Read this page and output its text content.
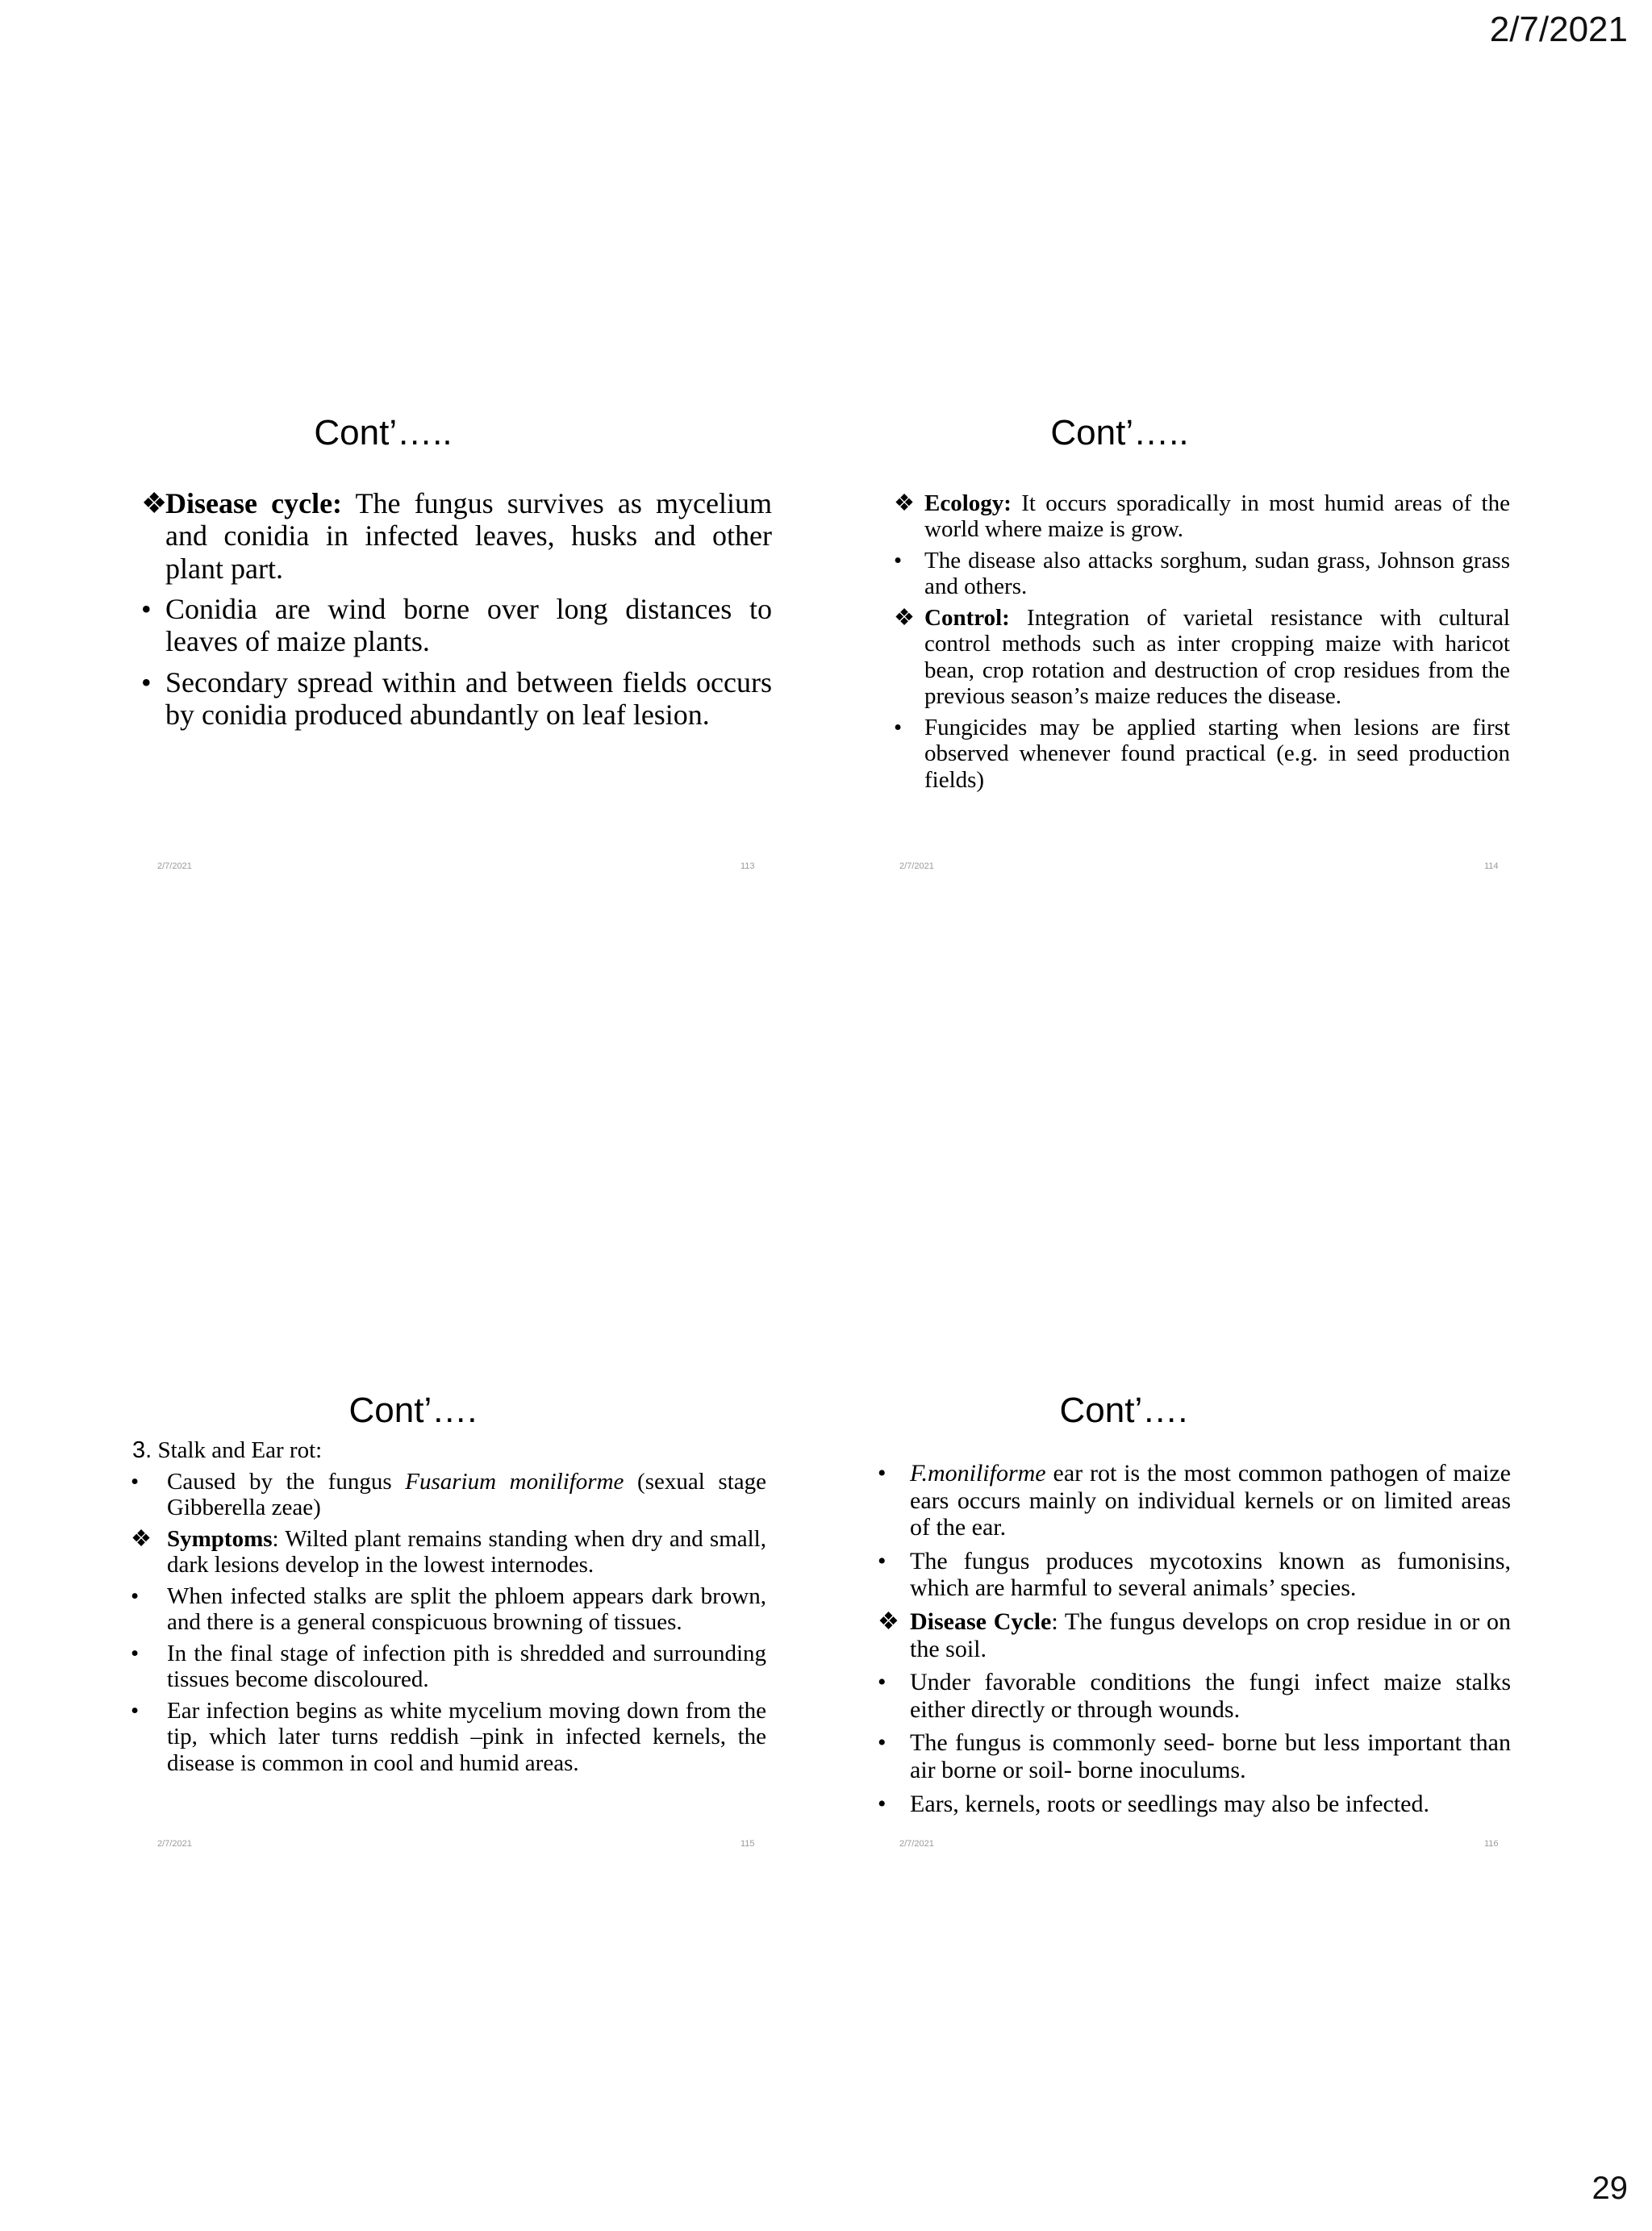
2/7/2021
Cont’…..
❖
Disease cycle: The fungus survives as mycelium and conidia in infected leaves, husks and other plant part.
• Conidia are wind borne over long distances to leaves of maize plants.
• Secondary spread within and between fields occurs by conidia produced abundantly on leaf lesion.
2/7/2021	113
Cont’…..
❖ Ecology: It occurs sporadically in most humid areas of the world where maize is grow.
• The disease also attacks sorghum, sudan grass, Johnson grass and others.
❖ Control: Integration of varietal resistance with cultural control methods such as inter cropping maize with haricot bean, crop rotation and destruction of crop residues from the previous season’s maize reduces the disease.
• Fungicides may be applied starting when lesions are first observed whenever found practical (e.g. in seed production fields)
2/7/2021	114
Cont’….
3. Stalk and Ear rot:
• Caused by the fungus Fusarium moniliforme (sexual stage Gibberella zeae)
❖ Symptoms: Wilted plant remains standing when dry and small, dark lesions develop in the lowest internodes.
• When infected stalks are split the phloem appears dark brown, and there is a general conspicuous browning of tissues.
• In the final stage of infection pith is shredded and surrounding tissues become discoloured.
• Ear infection begins as white mycelium moving down from the tip, which later turns reddish –pink in infected kernels, the disease is common in cool and humid areas.
2/7/2021	115
Cont’….
• F.moniliforme ear rot is the most common pathogen of maize ears occurs mainly on individual kernels or on limited areas of the ear.
• The fungus produces mycotoxins known as fumonisins, which are harmful to several animals’ species.
❖ Disease Cycle: The fungus develops on crop residue in or on the soil.
• Under favorable conditions the fungi infect maize stalks either directly or through wounds.
• The fungus is commonly seed- borne but less important than air borne or soil- borne inoculums.
• Ears, kernels, roots or seedlings may also be infected.
2/7/2021	116
29
